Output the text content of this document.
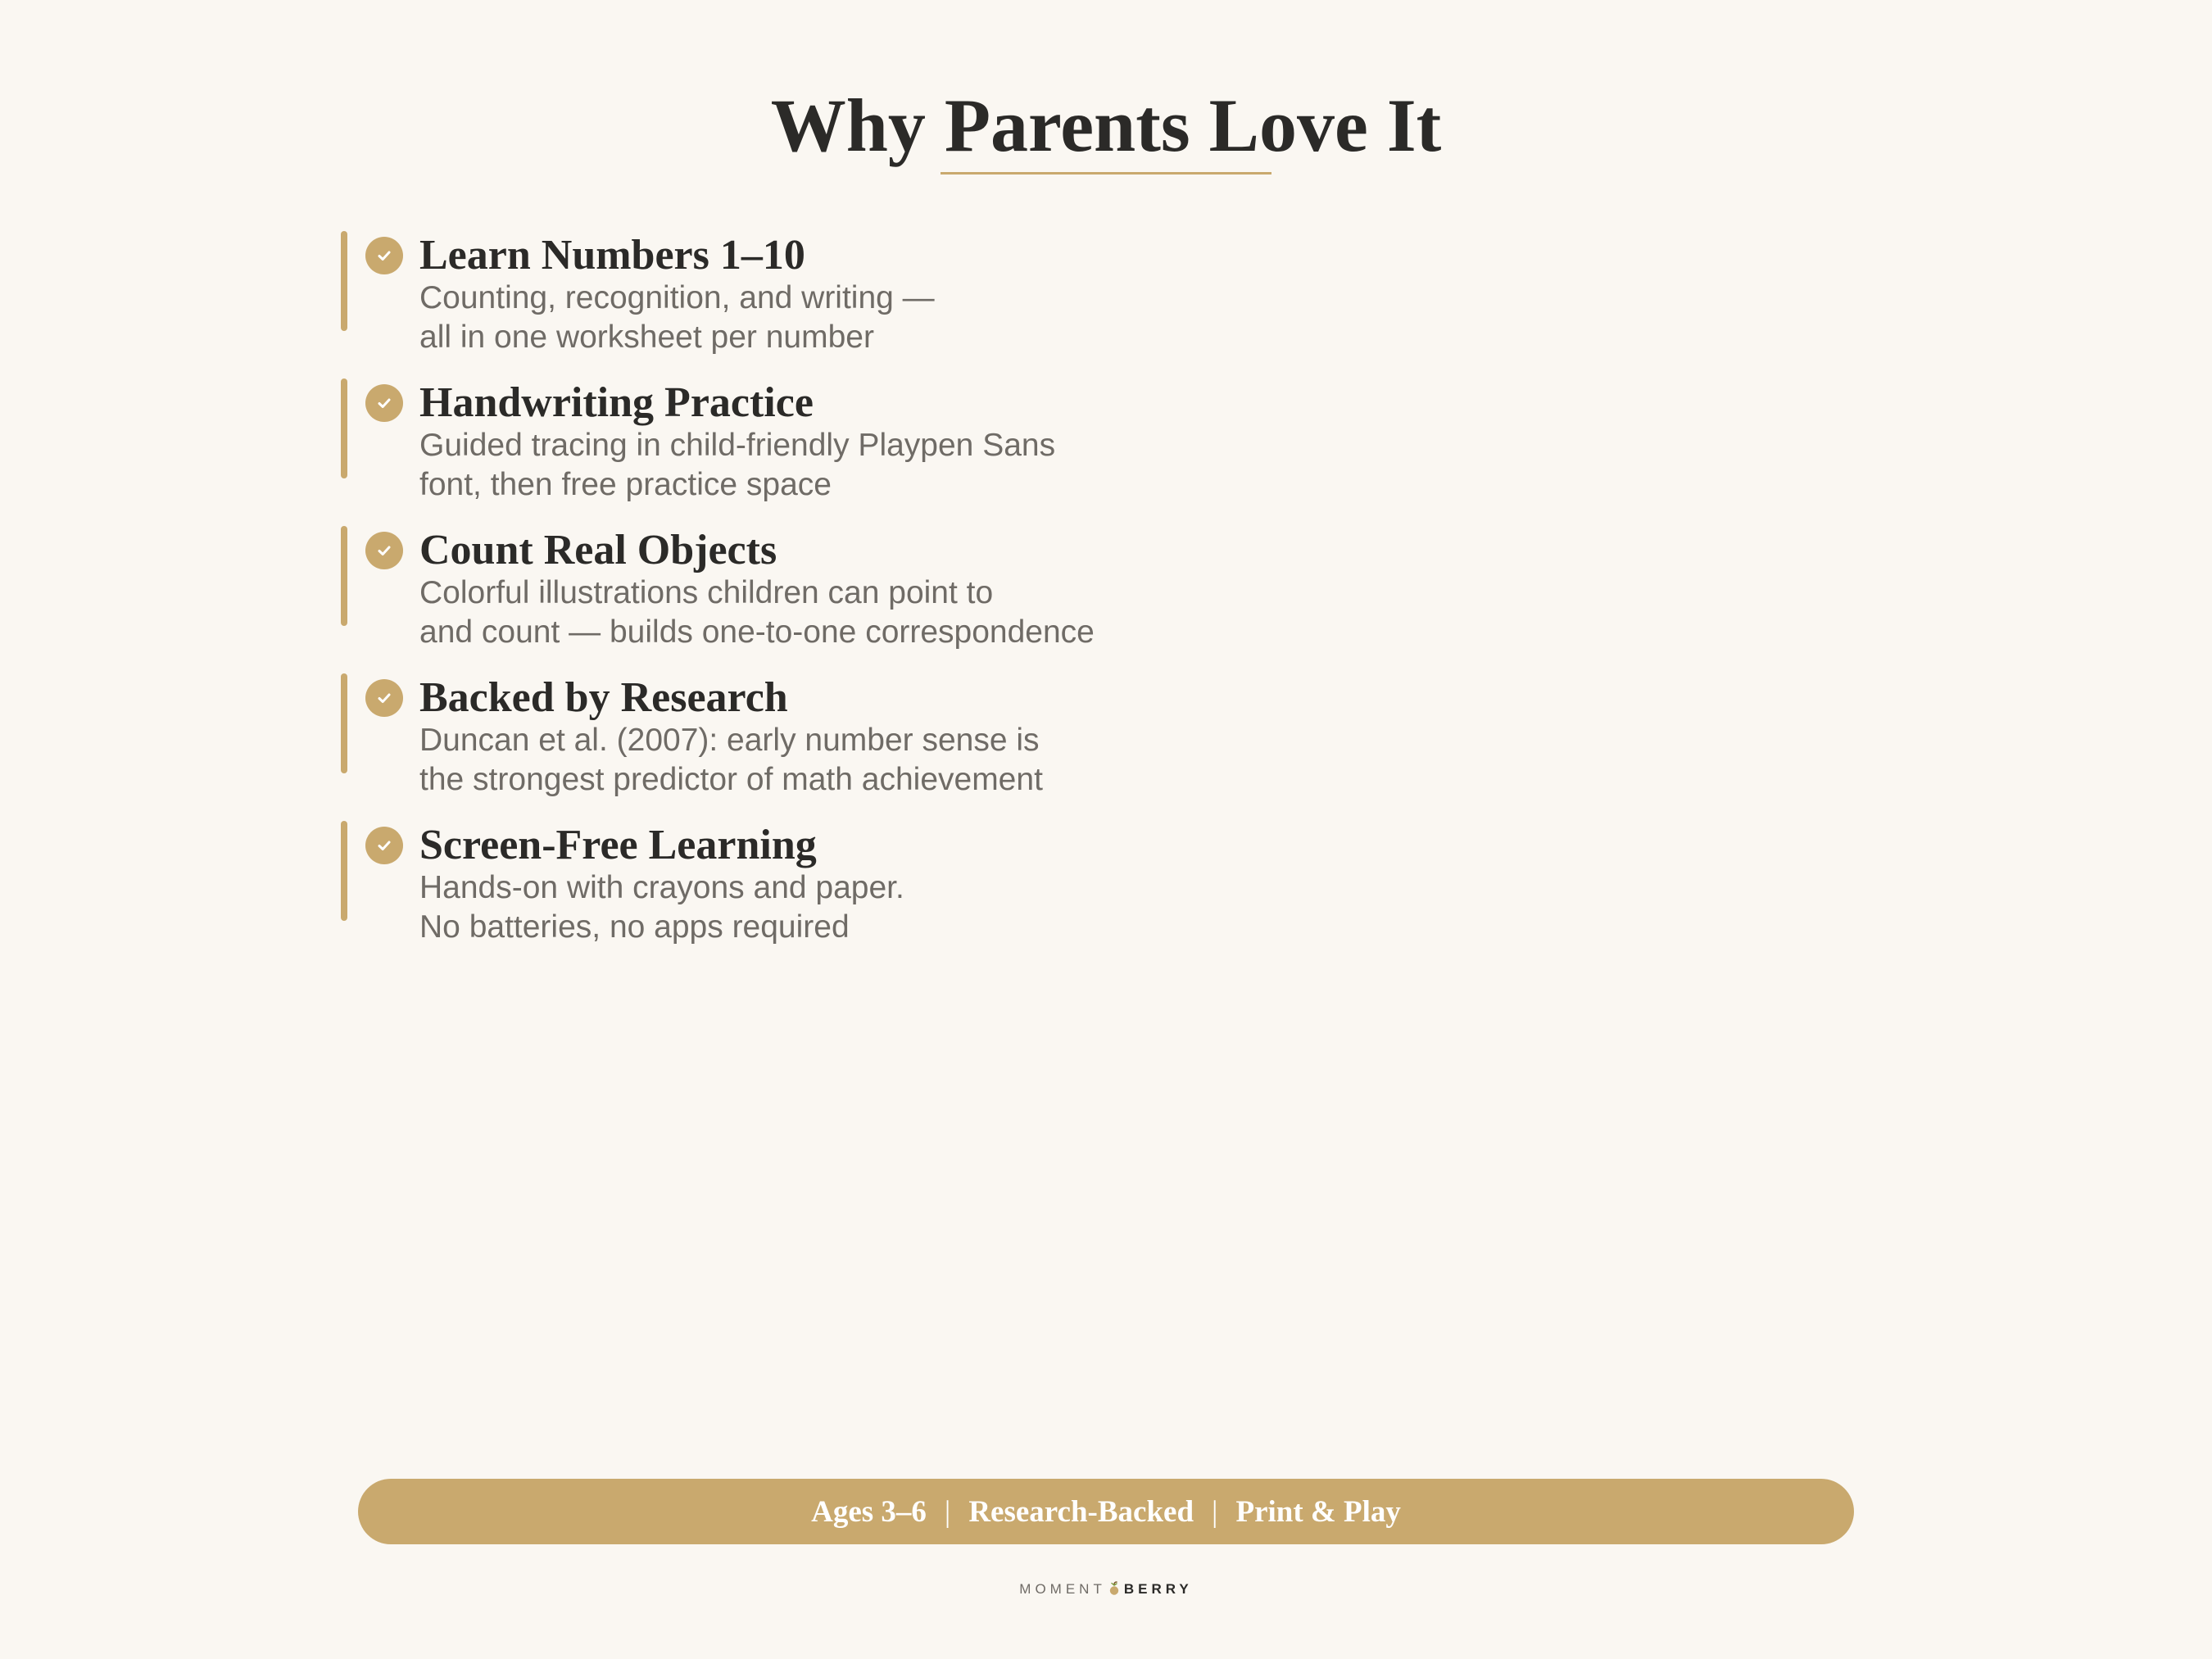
Why Parents Love It
Learn Numbers 1–10
Counting, recognition, and writing —
all in one worksheet per number
Handwriting Practice
Guided tracing in child-friendly Playpen Sans
font, then free practice space
Count Real Objects
Colorful illustrations children can point to
and count — builds one-to-one correspondence
Backed by Research
Duncan et al. (2007): early number sense is
the strongest predictor of math achievement
Screen-Free Learning
Hands-on with crayons and paper.
No batteries, no apps required
Ages 3–6 | Research-Backed | Print & Play
MOMENT BERRY
